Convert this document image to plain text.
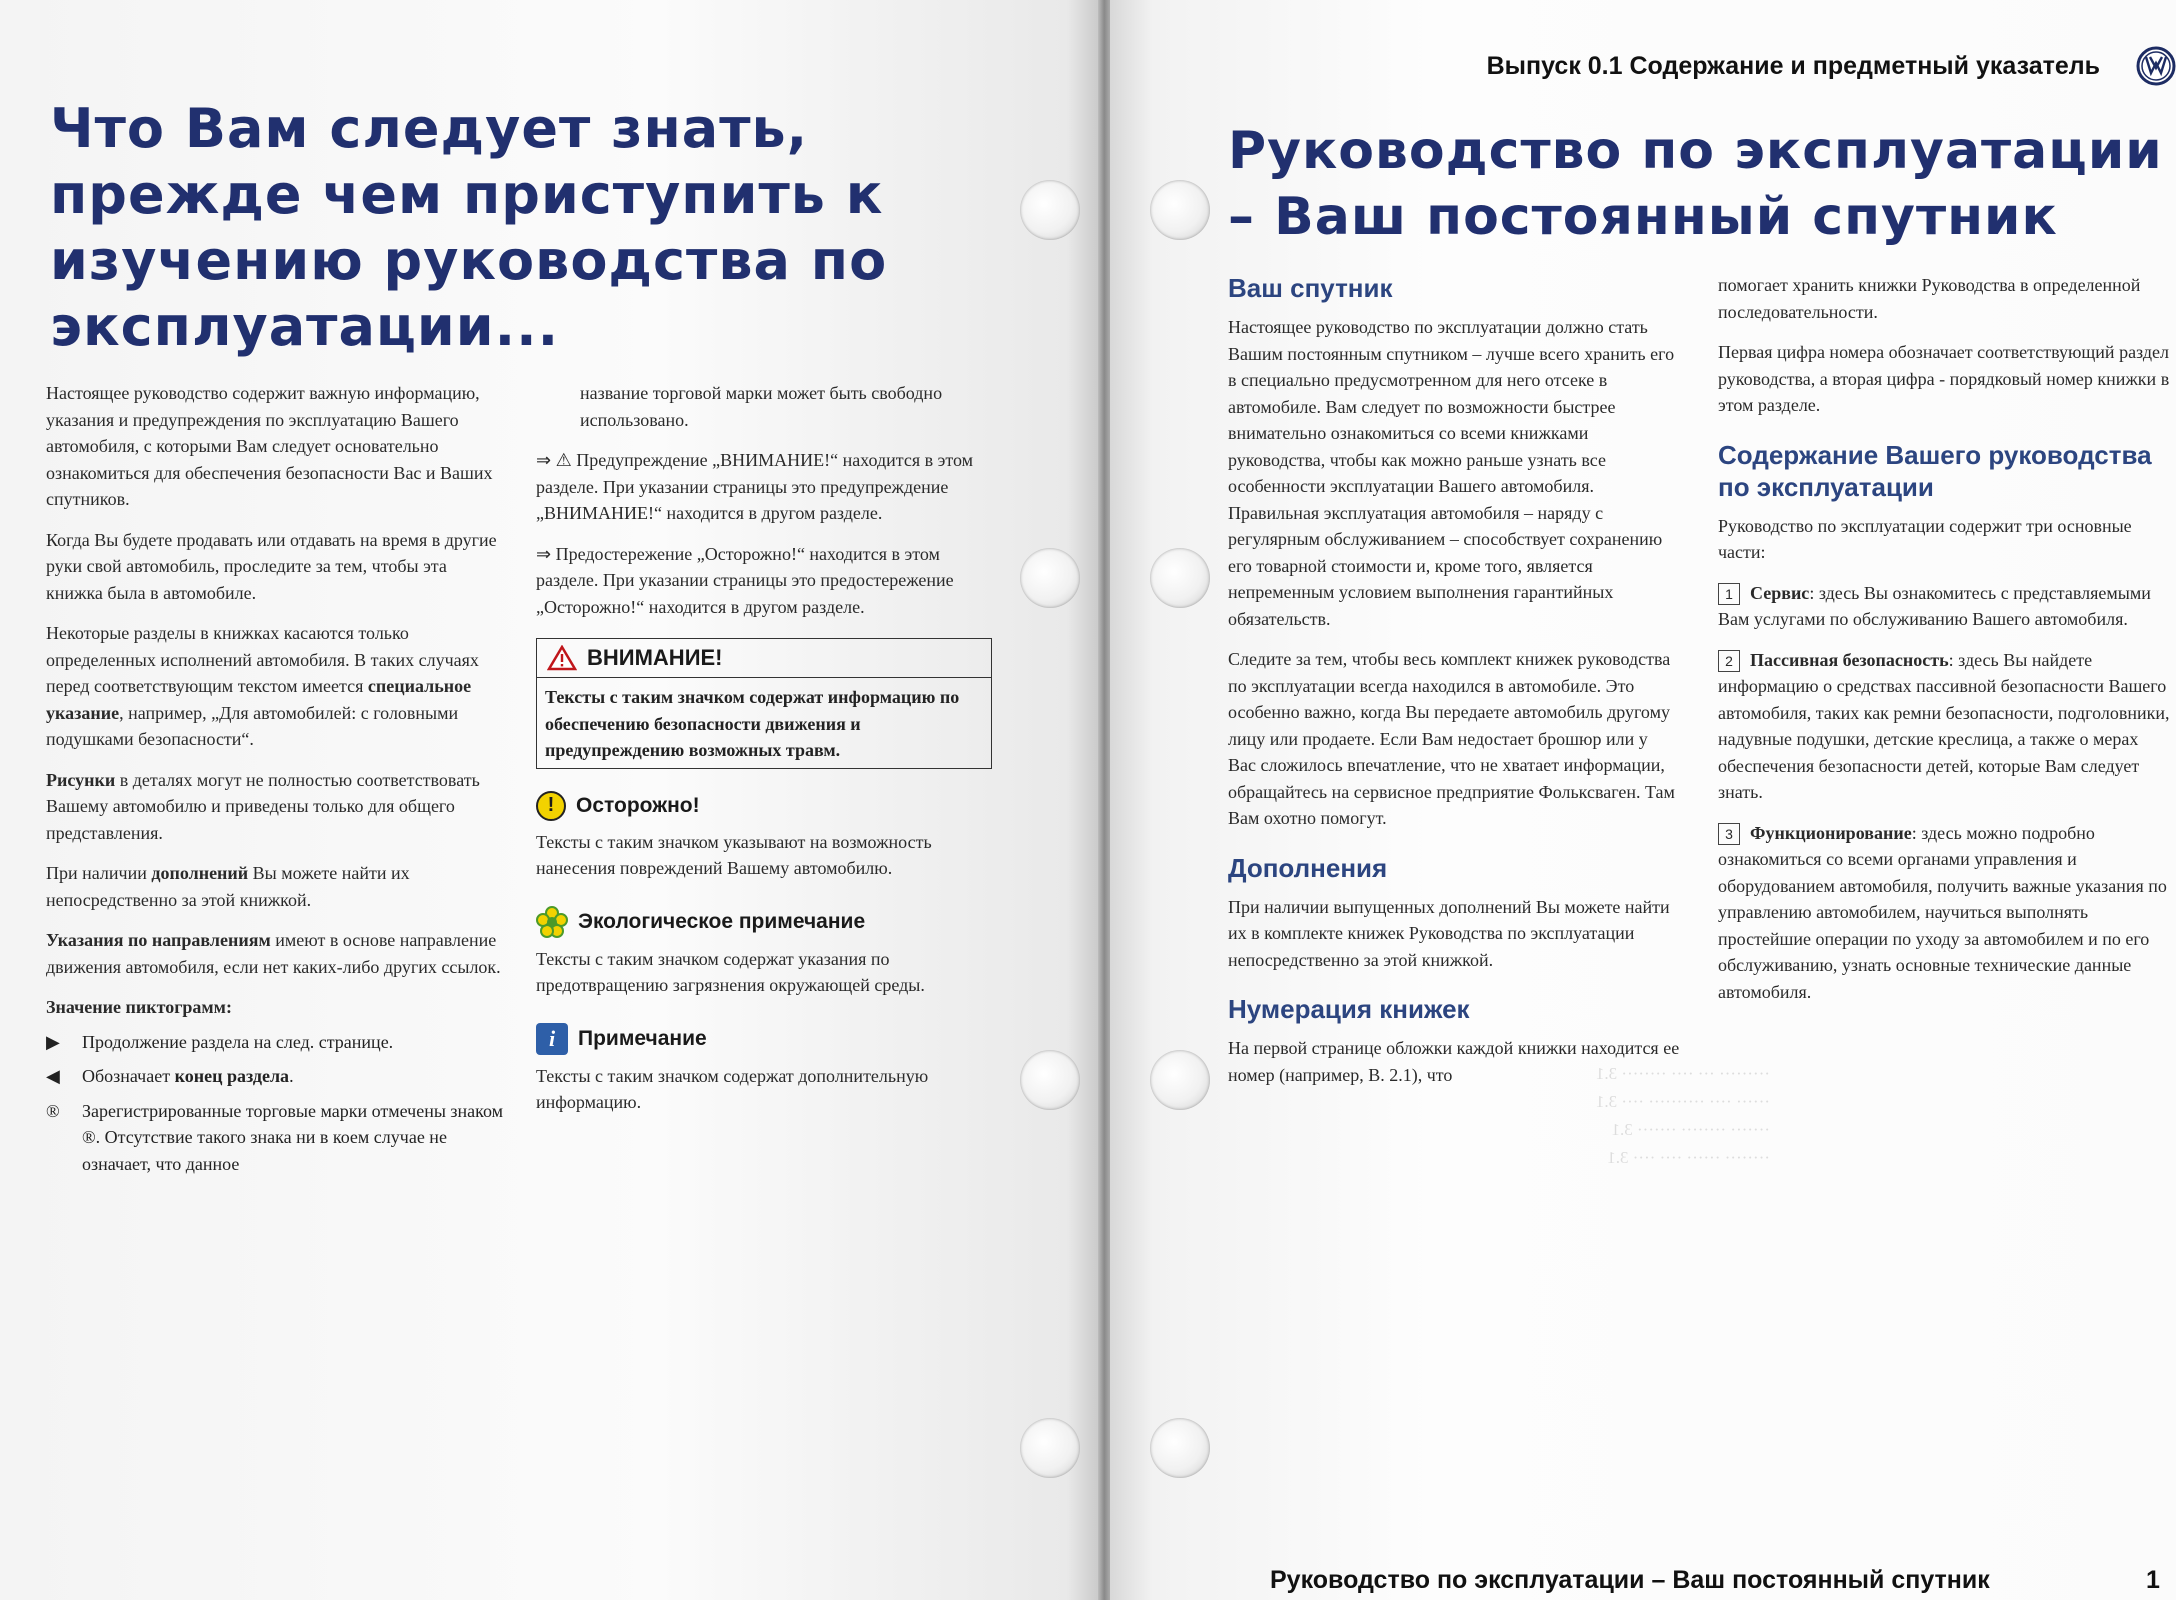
Что Вам следует знать,
прежде чем приступить к
изучению руководства по
эксплуатации...

Настоящее руководство содержит важную информацию, указания и предупреждения по эксплуатацию Вашего автомобиля, с которыми Вам следует основательно ознакомиться для обеспечения безопасности Вас и Ваших спутников.

Когда Вы будете продавать или отдавать на время в другие руки свой автомобиль, проследите за тем, чтобы эта книжка была в автомобиле.

Некоторые разделы в книжках касаются только определенных исполнений автомобиля. В таких случаях перед соответствующим текстом имеется специальное указание, например, „Для автомобилей: с головными подушками безопасности“.

Рисунки в деталях могут не полностью соответствовать Вашему автомобилю и приведены только для общего представления.

При наличии дополнений Вы можете найти их непосредственно за этой книжкой.

Указания по направлениям имеют в основе направление движения автомобиля, если нет каких-либо других ссылок.

Значение пиктограмм:

▶	Продолжение раздела на след. странице.
◀	Обозначает конец раздела.
®	Зарегистрированные торговые марки отмечены знаком ®. Отсутствие такого знака ни в коем случае не означает, что данное

название торговой марки может быть свободно использовано.

⇒ ⚠ Предупреждение „ВНИМАНИЕ!“ находится в этом разделе. При указании страницы это предупреждение „ВНИМАНИЕ!“ находится в другом разделе.

⇒ Предостережение „Осторожно!“ находится в этом разделе. При указании страницы это предостережение „Осторожно!“ находится в другом разделе.

ВНИМАНИЕ!
Тексты с таким значком содержат информацию по обеспечению безопасности движения и предупреждению возможных травм.
!	Осторожно!

Тексты с таким значком указывают на возможность нанесения повреждений Вашему автомобилю.

Экологическое примечание

Тексты с таким значком содержат указания по предотвращению загрязнения окружающей среды.

i	Примечание

Тексты с таким значком содержат дополнительную информацию.

Выпуск 0.1 Содержание и предметный указатель
Руководство по эксплуатации
– Ваш постоянный спутник
········· ··· ···· ········ 3.1
······ ···· ·········· ···· 3.1
······· ········ ······· 3.1
········ ······ ···· ···· 3.1
Ваш спутник

Настоящее руководство по эксплуатации должно стать Вашим постоянным спутником – лучше всего хранить его в специально предусмотренном для него отсеке в автомобиле. Вам следует по возможности быстрее внимательно ознакомиться со всеми книжками руководства, чтобы как можно раньше узнать все особенности эксплуатации Вашего автомобиля. Правильная эксплуатация автомобиля – наряду с регулярным обслуживанием – способствует сохранению его товарной стоимости и, кроме того, является непременным условием выполнения гарантийных обязательств.

Следите за тем, чтобы весь комплект книжек руководства по эксплуатации всегда находился в автомобиле. Это особенно важно, когда Вы передаете автомобиль другому лицу или продаете. Если Вам недостает брошюр или у Вас сложилось впечатление, что не хватает информации, обращайтесь на сервисное предприятие Фольксваген. Там Вам охотно помогут.

Дополнения

При наличии выпущенных дополнений Вы можете найти их в комплекте книжек Руководства по эксплуатации непосредственно за этой книжкой.

Нумерация книжек

На первой странице обложки каждой книжки находится ее номер (например, В. 2.1), что

помогает хранить книжки Руководства в определенной последовательности.

Первая цифра номера обозначает соответствующий раздел руководства, а вторая цифра - порядковый номер книжки в этом разделе.

Содержание Вашего руководства по эксплуатации

Руководство по эксплуатации содержит три основные части:

1 Сервис: здесь Вы ознакомитесь с представляемыми Вам услугами по обслуживанию Вашего автомобиля.

2 Пассивная безопасность: здесь Вы найдете информацию о средствах пассивной безопасности Вашего автомобиля, таких как ремни безопасности, подголовники, надувные подушки, детские креслица, а также о мерах обеспечения безопасности детей, которые Вам следует знать.

3 Функционирование: здесь можно подробно ознакомиться со всеми органами управления и оборудованием автомобиля, получить важные указания по управлению автомобилем, научиться выполнять простейшие операции по уходу за автомобилем и по его обслуживанию, узнать основные технические данные автомобиля.

Руководство по эксплуатации – Ваш постоянный спутник	1
